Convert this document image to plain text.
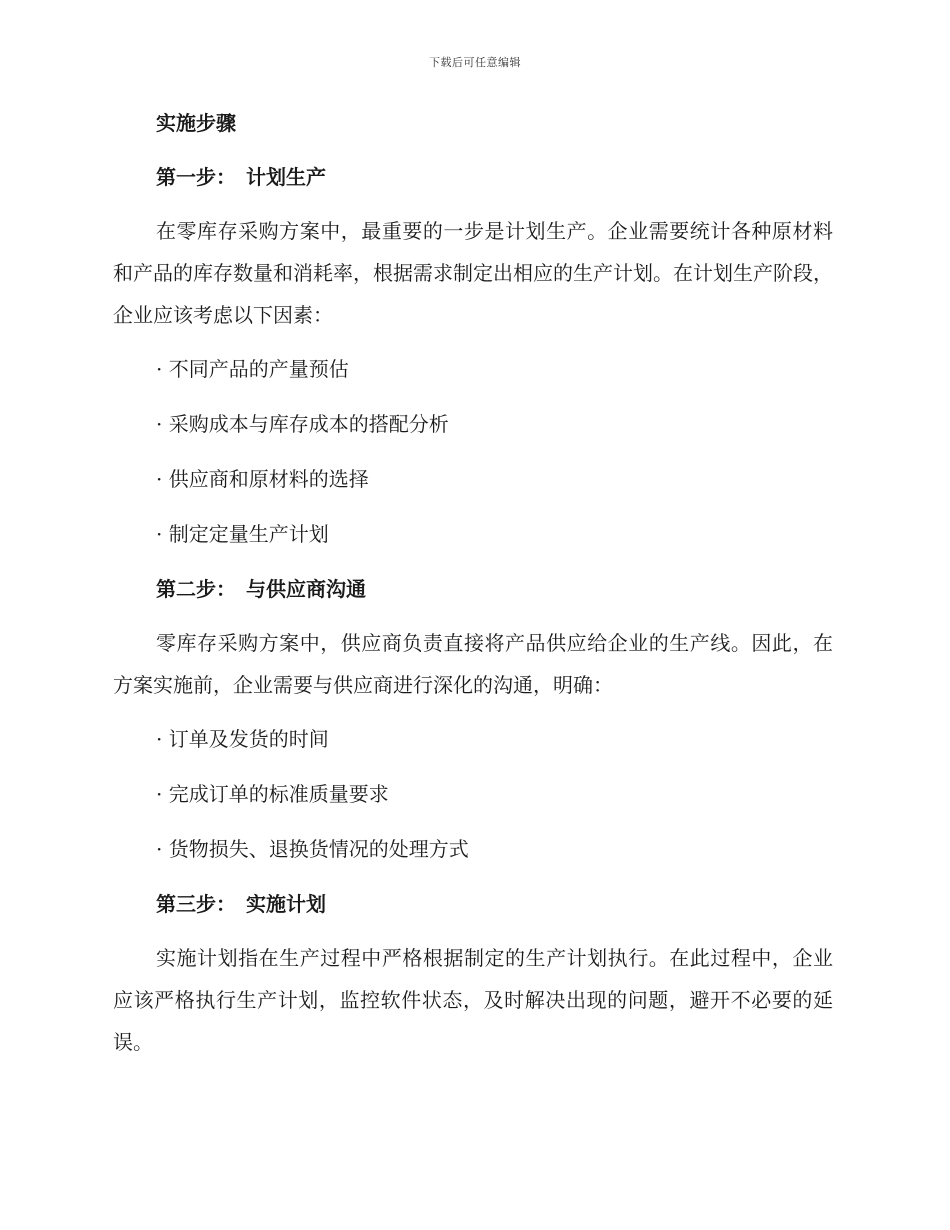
下载后可任意编辑
实施步骤
第一步： 计划生产

在零库存采购方案中，最重要的一步是计划生产。企业需要统计各种原材料和产品的库存数量和消耗率，根据需求制定出相应的生产计划。在计划生产阶段，企业应该考虑以下因素：

· 不同产品的产量预估
· 采购成本与库存成本的搭配分析
· 供应商和原材料的选择
· 制定定量生产计划
第二步： 与供应商沟通

零库存采购方案中，供应商负责直接将产品供应给企业的生产线。因此，在方案实施前，企业需要与供应商进行深化的沟通，明确：

· 订单及发货的时间
· 完成订单的标准质量要求
· 货物损失、退换货情况的处理方式
第三步： 实施计划

实施计划指在生产过程中严格根据制定的生产计划执行。在此过程中，企业应该严格执行生产计划，监控软件状态，及时解决出现的问题，避开不必要的延误。
